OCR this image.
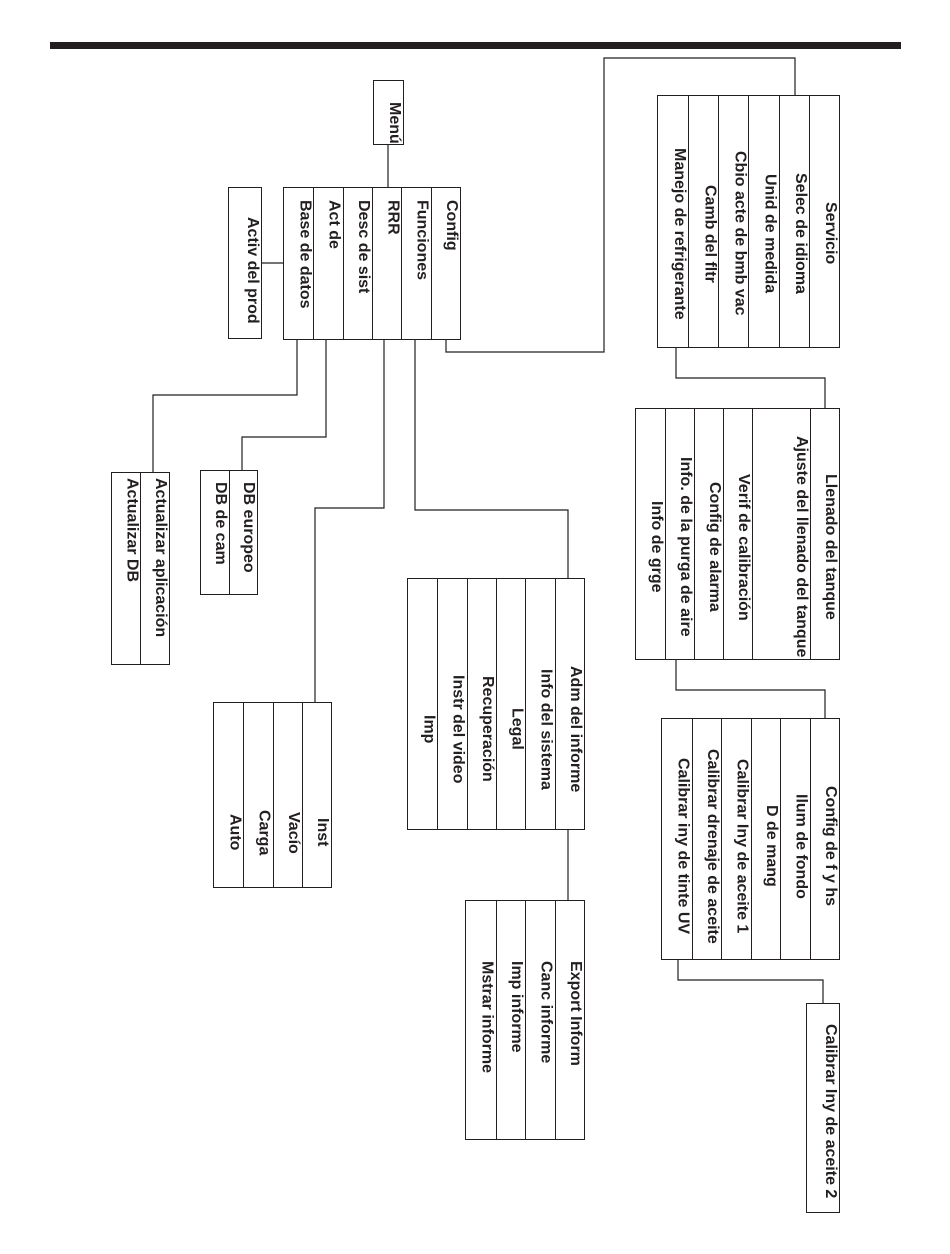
Menú
Activ del prod	Config
Funciones
RRR
Desc de sist
Act de
Base de datos
Actualizar aplicación
Actualizar DB	DB europeo
DB de cam
Inst
Vacío
Carga
Auto
Adm del informe
Info del sistema
Legal
Recuperación
Instr del video
Imp
Export Inform
Canc informe
Imp informe
Mstrar informe
Servicio
Selec de idioma
Unid de medida
Cbio acte de bmb vac
Camb del fltr
Manejo de refrigerante
Llenado del tanque
Ajuste del llenado del tanque
Verif de calibración
Config de alarma
Info. de la purga de aire
Info de grge
Config de f y hs
Ilum de fondo
D de mang
Calibrar Iny de aceite 1
Calibrar drenaje de aceite
Calibrar iny de tinte UV
Calibrar Iny de aceite 2
